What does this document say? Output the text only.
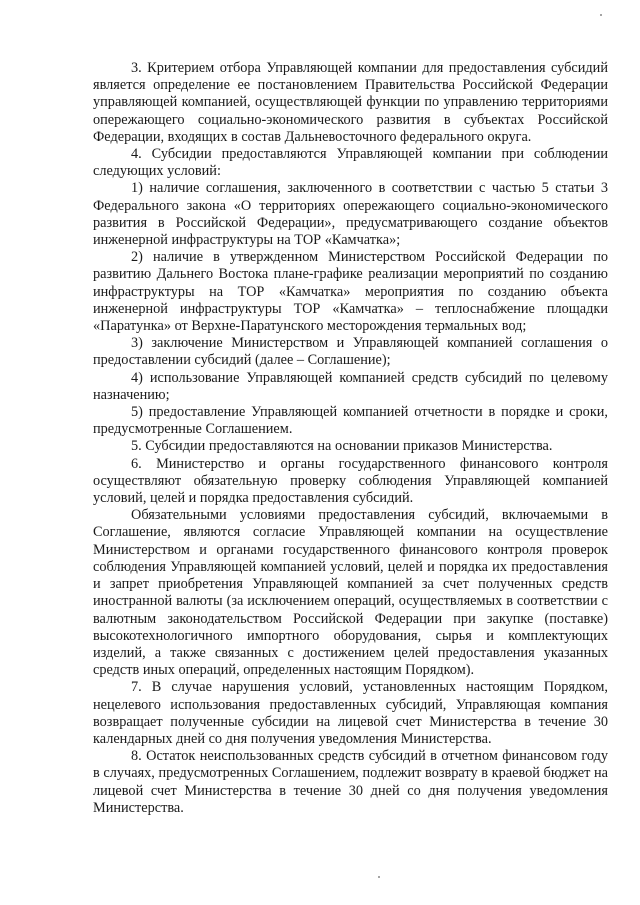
3. Критерием отбора Управляющей компании для предоставления субсидий является определение ее постановлением Правительства Российской Федерации управляющей компанией, осуществляющей функции по управлению территориями опережающего социально-экономического развития в субъектах Российской Федерации, входящих в состав Дальневосточного федерального округа.

4. Субсидии предоставляются Управляющей компании при соблюдении следующих условий:

1) наличие соглашения, заключенного в соответствии с частью 5 статьи 3 Федерального закона «О территориях опережающего социально-экономического развития в Российской Федерации», предусматривающего создание объектов инженерной инфраструктуры на ТОР «Камчатка»;

2) наличие в утвержденном Министерством Российской Федерации по развитию Дальнего Востока плане-графике реализации мероприятий по созданию инфраструктуры на ТОР «Камчатка» мероприятия по созданию объекта инженерной инфраструктуры ТОР «Камчатка» – теплоснабжение площадки «Паратунка» от Верхне-Паратунского месторождения термальных вод;

3) заключение Министерством и Управляющей компанией соглашения о предоставлении субсидий (далее – Соглашение);

4) использование Управляющей компанией средств субсидий по целевому назначению;

5) предоставление Управляющей компанией отчетности в порядке и сроки, предусмотренные Соглашением.

5. Субсидии предоставляются на основании приказов Министерства.

6. Министерство и органы государственного финансового контроля осуществляют обязательную проверку соблюдения Управляющей компанией условий, целей и порядка предоставления субсидий.

Обязательными условиями предоставления субсидий, включаемыми в Соглашение, являются согласие Управляющей компании на осуществление Министерством и органами государственного финансового контроля проверок соблюдения Управляющей компанией условий, целей и порядка их предоставления и запрет приобретения Управляющей компанией за счет полученных средств иностранной валюты (за исключением операций, осуществляемых в соответствии с валютным законодательством Российской Федерации при закупке (поставке) высокотехнологичного импортного оборудования, сырья и комплектующих изделий, а также связанных с достижением целей предоставления указанных средств иных операций, определенных настоящим Порядком).

7. В случае нарушения условий, установленных настоящим Порядком, нецелевого использования предоставленных субсидий, Управляющая компания возвращает полученные субсидии на лицевой счет Министерства в течение 30 календарных дней со дня получения уведомления Министерства.

8. Остаток неиспользованных средств субсидий в отчетном финансовом году в случаях, предусмотренных Соглашением, подлежит возврату в краевой бюджет на лицевой счет Министерства в течение 30 дней со дня получения уведомления Министерства.
